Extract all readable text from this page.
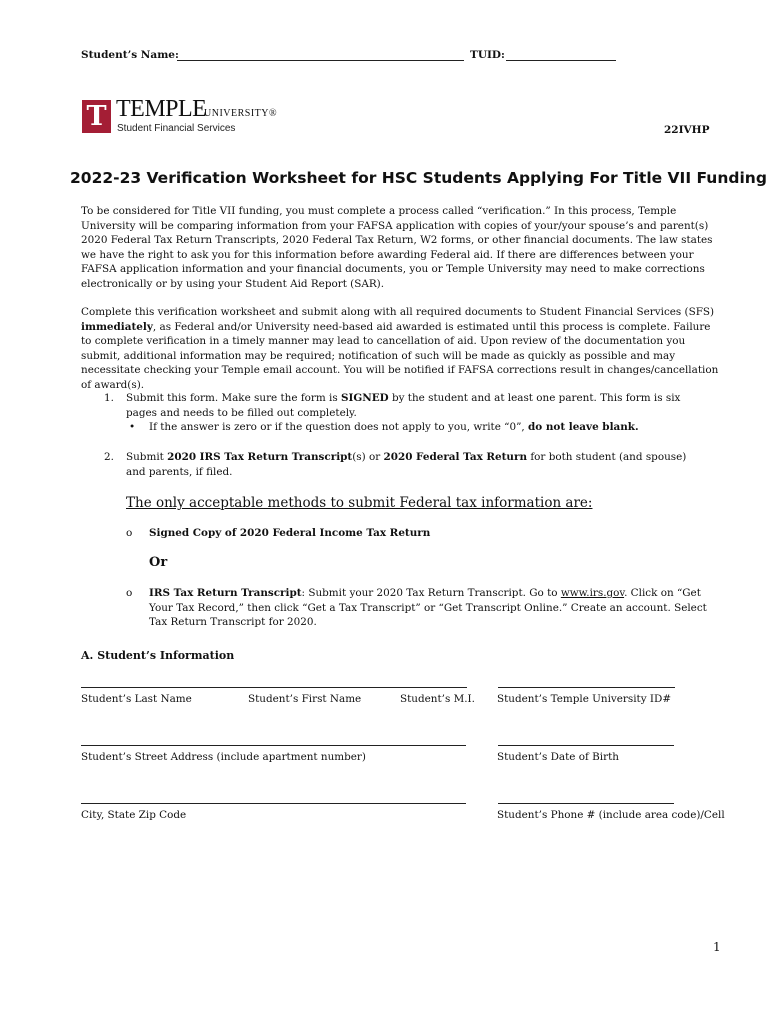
Student’s Name:	TUID:
T TEMPLE
UNIVERSITY®
Student Financial Services	22IVHP
2022-23 Verification Worksheet for HSC Students Applying For Title VII Funding
To be considered for Title VII funding, you must complete a process called “verification.” In this process, Temple University will be comparing information from your FAFSA application with copies of your/your spouse’s and parent(s) 2020 Federal Tax Return Transcripts, 2020 Federal Tax Return, W2 forms, or other financial documents. The law states we have the right to ask you for this information before awarding Federal aid. If there are differences between your FAFSA application information and your financial documents, you or Temple University may need to make corrections electronically or by using your Student Aid Report (SAR).
Complete this verification worksheet and submit along with all required documents to Student Financial Services (SFS) immediately, as Federal and/or University need-based aid awarded is estimated until this process is complete. Failure to complete verification in a timely manner may lead to cancellation of aid. Upon review of the documentation you submit, additional information may be required; notification of such will be made as quickly as possible and may necessitate checking your Temple email account. You will be notified if FAFSA corrections result in changes/cancellation of award(s).
1.	Submit this form. Make sure the form is SIGNED by the student and at least one parent. This form is six pages and needs to be filled out completely.
•	If the answer is zero or if the question does not apply to you, write “0”, do not leave blank.
2.	Submit 2020 IRS Tax Return Transcript(s) or 2020 Federal Tax Return for both student (and spouse) and parents, if filed.
The only acceptable methods to submit Federal tax information are:
o Signed Copy of 2020 Federal Income Tax Return
Or
o IRS Tax Return Transcript: Submit your 2020 Tax Return Transcript. Go to www.irs.gov. Click on “Get Your Tax Record,” then click “Get a Tax Transcript” or “Get Transcript Online.” Create an account. Select Tax Return Transcript for 2020.
A. Student’s Information
Student’s Last Name	Student’s First Name	Student’s M.I. Student’s Temple University ID#
Student’s Street Address (include apartment number)	Student’s Date of Birth
City, State Zip Code	Student’s Phone # (include area code)/Cell
1
